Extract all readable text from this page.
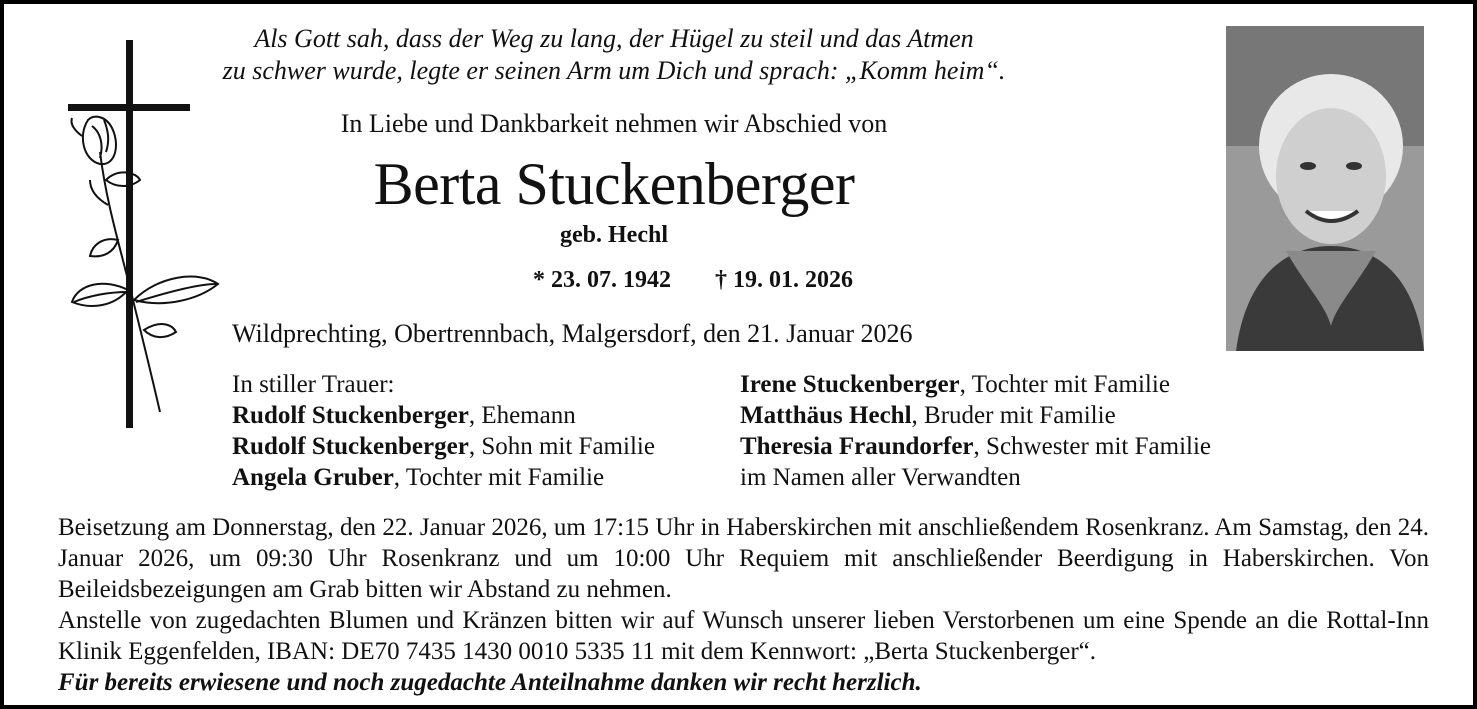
Als Gott sah, dass der Weg zu lang, der Hügel zu steil und das Atmen
zu schwer wurde, legte er seinen Arm um Dich und sprach: „Komm heim“.
In Liebe und Dankbarkeit nehmen wir Abschied von
Berta Stuckenberger
geb. Hechl
* 23. 07. 1942 † 19. 01. 2026
Wildprechting, Obertrennbach, Malgersdorf, den 21. Januar 2026
In stiller Trauer:
Rudolf Stuckenberger, Ehemann
Rudolf Stuckenberger, Sohn mit Familie
Angela Gruber, Tochter mit Familie
Irene Stuckenberger, Tochter mit Familie
Matthäus Hechl, Bruder mit Familie
Theresia Fraundorfer, Schwester mit Familie
im Namen aller Verwandten

Beisetzung am Donnerstag, den 22. Januar 2026, um 17:15 Uhr in Haberskirchen mit anschließendem Rosenkranz. Am Samstag, den 24. Januar 2026, um 09:30 Uhr Rosenkranz und um 10:00 Uhr Requiem mit anschließender Beerdigung in Haberskirchen. Von Beileidsbezeigungen am Grab bitten wir Abstand zu nehmen.

Anstelle von zugedachten Blumen und Kränzen bitten wir auf Wunsch unserer lieben Verstorbenen um eine Spende an die Rottal-Inn Klinik Eggenfelden, IBAN: DE70 7435 1430 0010 5335 11 mit dem Kennwort: „Berta Stuckenberger“.

Für bereits erwiesene und noch zugedachte Anteilnahme danken wir recht herzlich.
